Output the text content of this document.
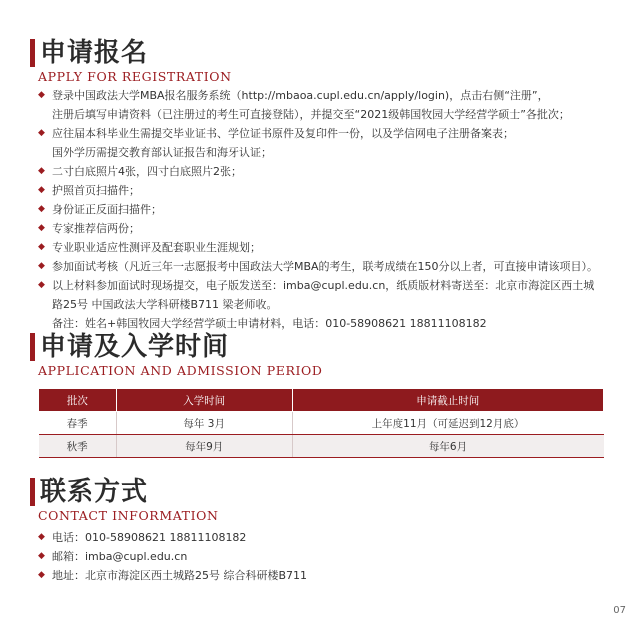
申请报名
APPLY FOR REGISTRATION
◆ 登录中国政法大学MBA报名服务系统（http://mbaoa.cupl.edu.cn/apply/login)，点击右侧“注册”，
注册后填写申请资料（已注册过的考生可直接登陆），并提交至“2021级韩国牧园大学经营学硕士”各批次；
◆ 应往届本科毕业生需提交毕业证书、学位证书原件及复印件一份，以及学信网电子注册备案表；
国外学历需提交教育部认证报告和海牙认证；
◆ 二寸白底照片4张，四寸白底照片2张；
◆ 护照首页扫描件；
◆ 身份证正反面扫描件；
◆ 专家推荐信两份；
◆ 专业职业适应性测评及配套职业生涯规划；
◆ 参加面试考核（凡近三年一志愿报考中国政法大学MBA的考生，联考成绩在150分以上者，可直接申请该项目）。
◆ 以上材料参加面试时现场提交，电子版发送至：imba@cupl.edu.cn，纸质版材料寄送至：北京市海淀区西土城
路25号 中国政法大学科研楼B711 梁老师收。
备注：姓名+韩国牧园大学经营学硕士申请材料，电话：010-58908621 18811108182
申请及入学时间
APPLICATION AND ADMISSION PERIOD
批次	入学时间	申请截止时间
春季	每年 3月	上年度11月（可延迟到12月底）
秋季	每年9月	每年6月
联系方式
CONTACT INFORMATION
◆ 电话：010-58908621 18811108182
◆ 邮箱：imba@cupl.edu.cn
◆ 地址：北京市海淀区西土城路25号 综合科研楼B711
07
